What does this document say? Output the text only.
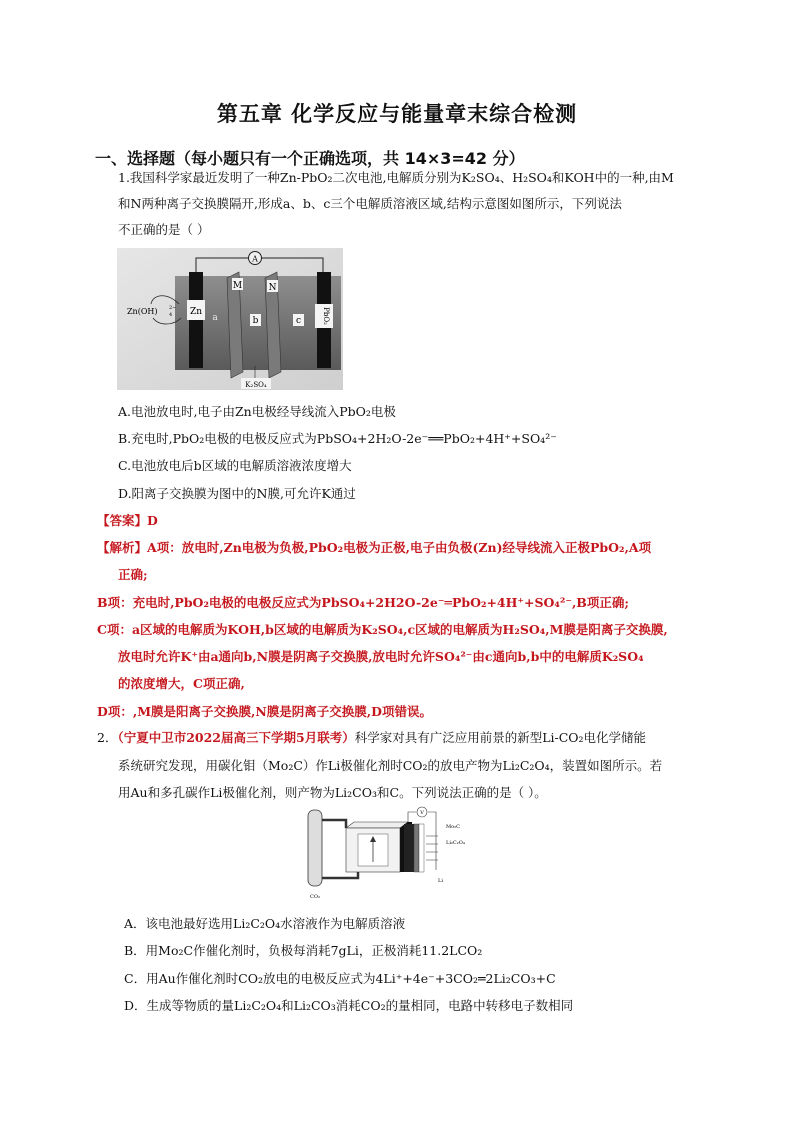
第五章 化学反应与能量章末综合检测
一、选择题（每小题只有一个正确选项，共 14×3=42 分）
1.我国科学家最近发明了一种Zn-PbO₂二次电池,电解质分别为K₂SO₄、H₂SO₄和KOH中的一种,由M
和N两种离子交换膜隔开,形成a、b、c三个电解质溶液区域,结构示意图如图所示，下列说法
不正确的是（ ）
A
Zn
M	N
PbO₂
a	b	c
Zn(OH) 2−
4
K₂SO₄
A.电池放电时,电子由Zn电极经导线流入PbO₂电极
B.充电时,PbO₂电极的电极反应式为PbSO₄+2H₂O-2e⁻══PbO₂+4H⁺+SO₄²⁻
C.电池放电后b区域的电解质溶液浓度增大
D.阳离子交换膜为图中的N膜,可允许K通过
【答案】D
【解析】A项：放电时,Zn电极为负极,PbO₂电极为正极,电子由负极(Zn)经导线流入正极PbO₂,A项
正确;
B项：充电时,PbO₂电极的电极反应式为PbSO₄+2H2O-2e⁻═PbO₂+4H⁺+SO₄²⁻,B项正确;
C项：a区域的电解质为KOH,b区域的电解质为K₂SO₄,c区域的电解质为H₂SO₄,M膜是阳离子交换膜,
放电时允许K⁺由a通向b,N膜是阴离子交换膜,放电时允许SO₄²⁻由c通向b,b中的电解质K₂SO₄
的浓度增大，C项正确,
D项：,M膜是阳离子交换膜,N膜是阴离子交换膜,D项错误。
2．（宁夏中卫市2022届高三下学期5月联考）科学家对具有广泛应用前景的新型Li-CO₂电化学储能
系统研究发现，用碳化钼（Mo₂C）作Li极催化剂时CO₂的放电产物为Li₂C₂O₄，装置如图所示。若
用Au和多孔碳作Li极催化剂，则产物为Li₂CO₃和C。下列说法正确的是（ ）。
CO₂
V
Mo₂C
Li₂C₂O₄
Li
A．该电池最好选用Li₂C₂O₄水溶液作为电解质溶液
B．用Mo₂C作催化剂时，负极每消耗7gLi，正极消耗11.2LCO₂
C．用Au作催化剂时CO₂放电的电极反应式为4Li⁺+4e⁻+3CO₂═2Li₂CO₃+C
D．生成等物质的量Li₂C₂O₄和Li₂CO₃消耗CO₂的量相同，电路中转移电子数相同
